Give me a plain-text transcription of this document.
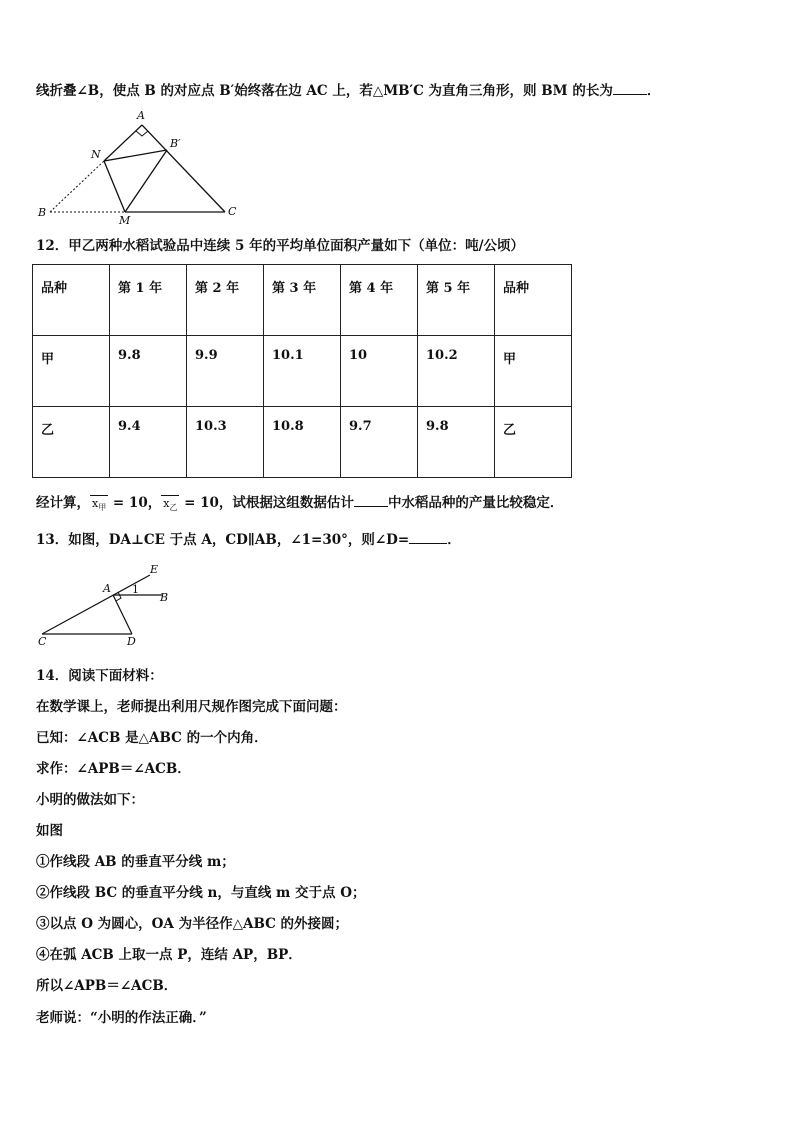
线折叠∠B，使点 B 的对应点 B′始终落在边 AC 上，若△MB′C 为直角三角形，则 BM 的长为	．
A
B′
N
B
M
C
12．甲乙两种水稻试验品中连续 5 年的平均单位面积产量如下（单位：吨/公顷）
品种	第 1 年	第 2 年	第 3 年	第 4 年	第 5 年	品种
甲	9.8	9.9	10.1	10	10.2	甲
乙	9.4	10.3	10.8	9.7	9.8	乙
经计算， $x_甲 = 10$， $x_乙 = 10$，试根据这组数据估计	中水稻品种的产量比较稳定．
13．如图，DA⊥CE 于点 A，CD∥AB，∠1=30°，则∠D=	．
E
A 1
B
C	D
14．阅读下面材料：
在数学课上，老师提出利用尺规作图完成下面问题：
已知：∠ACB 是△ABC 的一个内角．
求作：∠APB＝∠ACB．
小明的做法如下：
如图
①作线段 AB 的垂直平分线 m；
②作线段 BC 的垂直平分线 n，与直线 m 交于点 O；
③以点 O 为圆心，OA 为半径作△ABC 的外接圆；
④在弧 ACB 上取一点 P，连结 AP，BP．
所以∠APB＝∠ACB．
老师说：“小明的作法正确．”
